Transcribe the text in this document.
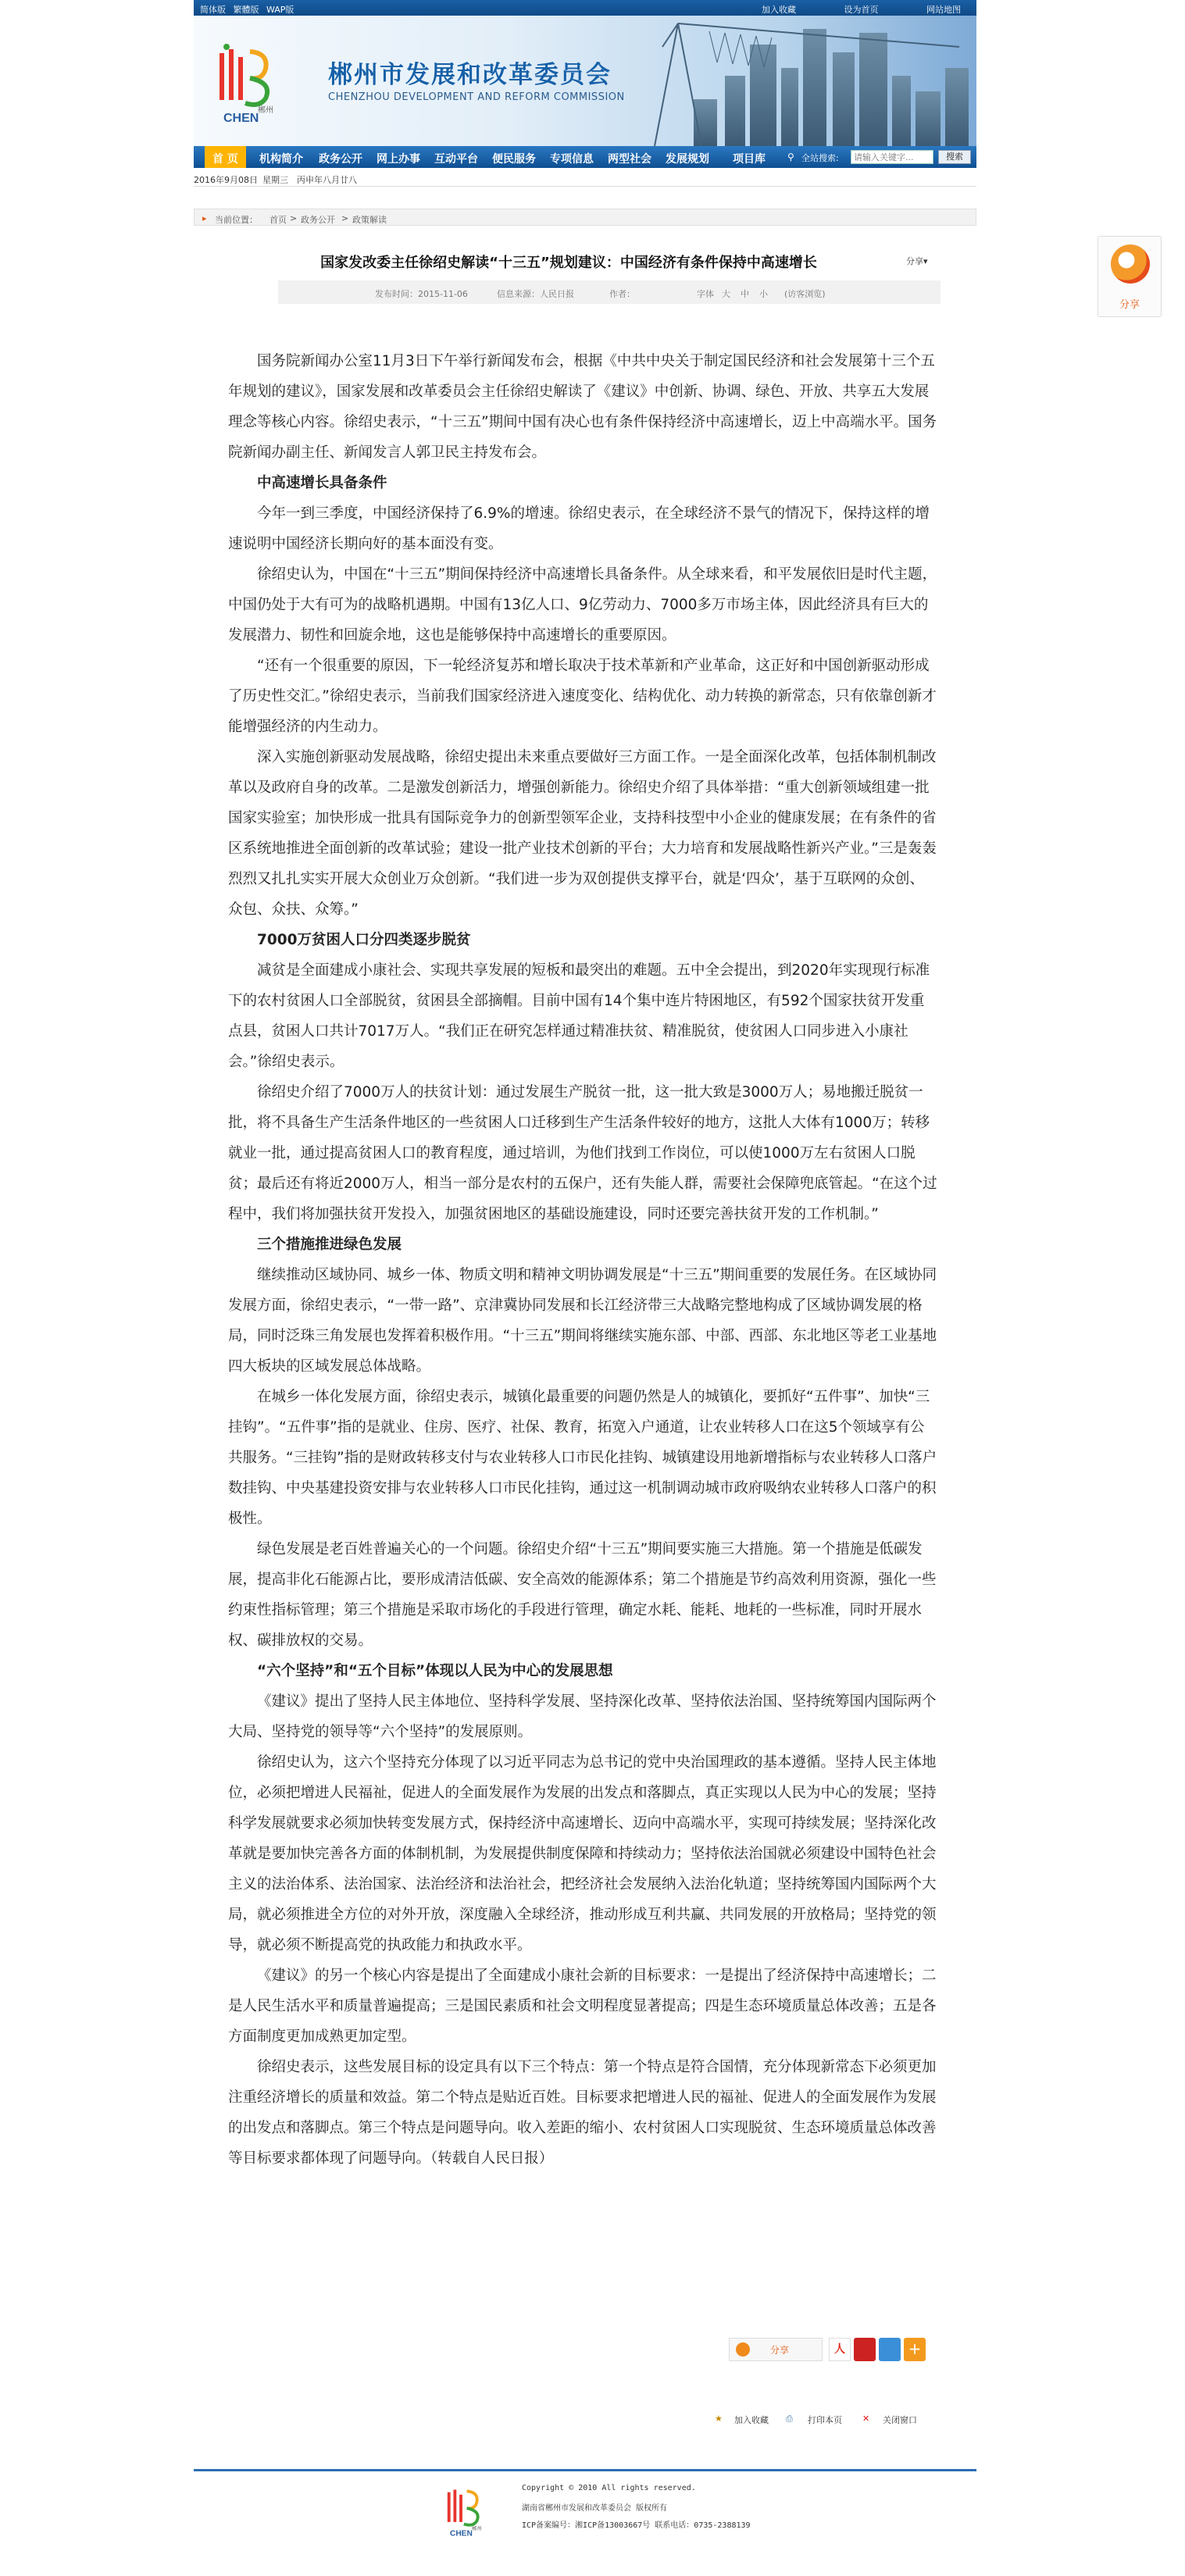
简体版 繁體版 WAP版	加入收藏	设为首页	网站地图
郴州
CHEN
郴州市发展和改革委员会
CHENZHOU DEVELOPMENT AND REFORM COMMISSION
首 页	机构简介 政务公开 网上办事 互动平台 便民服务 专项信息 两型社会 发展规划 项目库 ⚲ 全站搜索:
请输入关键字...	搜索
2016年9月08日 星期三 丙申年八月廿八
▸ 当前位置： 首页 > 政务公开 > 政策解读
国家发改委主任徐绍史解读“十三五”规划建议：中国经济有条件保持中高速增长	分享▾
发布时间：2015-11-06	信息来源：人民日报	作者：	字体 大 中 小 (访客浏览)

国务院新闻办公室11月3日下午举行新闻发布会，根据《中共中央关于制定国民经济和社会发展第十三个五年规划的建议》，国家发展和改革委员会主任徐绍史解读了《建议》中创新、协调、绿色、开放、共享五大发展理念等核心内容。徐绍史表示，“十三五”期间中国有决心也有条件保持经济中高速增长，迈上中高端水平。国务院新闻办副主任、新闻发言人郭卫民主持发布会。

中高速增长具备条件

今年一到三季度，中国经济保持了6.9%的增速。徐绍史表示，在全球经济不景气的情况下，保持这样的增速说明中国经济长期向好的基本面没有变。

徐绍史认为，中国在“十三五”期间保持经济中高速增长具备条件。从全球来看，和平发展依旧是时代主题，中国仍处于大有可为的战略机遇期。中国有13亿人口、9亿劳动力、7000多万市场主体，因此经济具有巨大的发展潜力、韧性和回旋余地，这也是能够保持中高速增长的重要原因。

“还有一个很重要的原因，下一轮经济复苏和增长取决于技术革新和产业革命，这正好和中国创新驱动形成了历史性交汇。”徐绍史表示，当前我们国家经济进入速度变化、结构优化、动力转换的新常态，只有依靠创新才能增强经济的内生动力。

深入实施创新驱动发展战略，徐绍史提出未来重点要做好三方面工作。一是全面深化改革，包括体制机制改革以及政府自身的改革。二是激发创新活力，增强创新能力。徐绍史介绍了具体举措：“重大创新领域组建一批国家实验室；加快形成一批具有国际竞争力的创新型领军企业，支持科技型中小企业的健康发展；在有条件的省区系统地推进全面创新的改革试验；建设一批产业技术创新的平台；大力培育和发展战略性新兴产业。”三是轰轰烈烈又扎扎实实开展大众创业万众创新。“我们进一步为双创提供支撑平台，就是‘四众’，基于互联网的众创、众包、众扶、众筹。”

7000万贫困人口分四类逐步脱贫

减贫是全面建成小康社会、实现共享发展的短板和最突出的难题。五中全会提出，到2020年实现现行标准下的农村贫困人口全部脱贫，贫困县全部摘帽。目前中国有14个集中连片特困地区，有592个国家扶贫开发重点县，贫困人口共计7017万人。“我们正在研究怎样通过精准扶贫、精准脱贫，使贫困人口同步进入小康社会。”徐绍史表示。

徐绍史介绍了7000万人的扶贫计划：通过发展生产脱贫一批，这一批大致是3000万人；易地搬迁脱贫一批，将不具备生产生活条件地区的一些贫困人口迁移到生产生活条件较好的地方，这批人大体有1000万；转移就业一批，通过提高贫困人口的教育程度，通过培训，为他们找到工作岗位，可以使1000万左右贫困人口脱贫；最后还有将近2000万人，相当一部分是农村的五保户，还有失能人群，需要社会保障兜底管起。“在这个过程中，我们将加强扶贫开发投入，加强贫困地区的基础设施建设，同时还要完善扶贫开发的工作机制。”

三个措施推进绿色发展

继续推动区域协同、城乡一体、物质文明和精神文明协调发展是“十三五”期间重要的发展任务。在区域协同发展方面，徐绍史表示，“一带一路”、京津冀协同发展和长江经济带三大战略完整地构成了区域协调发展的格局，同时泛珠三角发展也发挥着积极作用。“十三五”期间将继续实施东部、中部、西部、东北地区等老工业基地四大板块的区域发展总体战略。

在城乡一体化发展方面，徐绍史表示，城镇化最重要的问题仍然是人的城镇化，要抓好“五件事”、加快“三挂钩”。“五件事”指的是就业、住房、医疗、社保、教育，拓宽入户通道，让农业转移人口在这5个领域享有公共服务。“三挂钩”指的是财政转移支付与农业转移人口市民化挂钩、城镇建设用地新增指标与农业转移人口落户数挂钩、中央基建投资安排与农业转移人口市民化挂钩，通过这一机制调动城市政府吸纳农业转移人口落户的积极性。

绿色发展是老百姓普遍关心的一个问题。徐绍史介绍“十三五”期间要实施三大措施。第一个措施是低碳发展，提高非化石能源占比，要形成清洁低碳、安全高效的能源体系；第二个措施是节约高效利用资源，强化一些约束性指标管理；第三个措施是采取市场化的手段进行管理，确定水耗、能耗、地耗的一些标准，同时开展水权、碳排放权的交易。

“六个坚持”和“五个目标”体现以人民为中心的发展思想

《建议》提出了坚持人民主体地位、坚持科学发展、坚持深化改革、坚持依法治国、坚持统筹国内国际两个大局、坚持党的领导等“六个坚持”的发展原则。

徐绍史认为，这六个坚持充分体现了以习近平同志为总书记的党中央治国理政的基本遵循。坚持人民主体地位，必须把增进人民福祉，促进人的全面发展作为发展的出发点和落脚点，真正实现以人民为中心的发展；坚持科学发展就要求必须加快转变发展方式，保持经济中高速增长、迈向中高端水平，实现可持续发展；坚持深化改革就是要加快完善各方面的体制机制，为发展提供制度保障和持续动力；坚持依法治国就必须建设中国特色社会主义的法治体系、法治国家、法治经济和法治社会，把经济社会发展纳入法治化轨道；坚持统筹国内国际两个大局，就必须推进全方位的对外开放，深度融入全球经济，推动形成互利共赢、共同发展的开放格局；坚持党的领导，就必须不断提高党的执政能力和执政水平。

《建议》的另一个核心内容是提出了全面建成小康社会新的目标要求：一是提出了经济保持中高速增长；二是人民生活水平和质量普遍提高；三是国民素质和社会文明程度显著提高；四是生态环境质量总体改善；五是各方面制度更加成熟更加定型。

徐绍史表示，这些发展目标的设定具有以下三个特点：第一个特点是符合国情，充分体现新常态下必须更加注重经济增长的质量和效益。第二个特点是贴近百姓。目标要求把增进人民的福祉、促进人的全面发展作为发展的出发点和落脚点。第三个特点是问题导向。收入差距的缩小、农村贫困人口实现脱贫、生态环境质量总体改善等目标要求都体现了问题导向。（转载自人民日报）

分享
分享	人	+
★ 加入收藏 ⎙ 打印本页 ✕ 关闭窗口
郴州
CHEN
Copyright © 2010 All rights reserved.
湖南省郴州市发展和改革委员会 版权所有
ICP备案编号：湘ICP备13003667号 联系电话：0735-2388139
